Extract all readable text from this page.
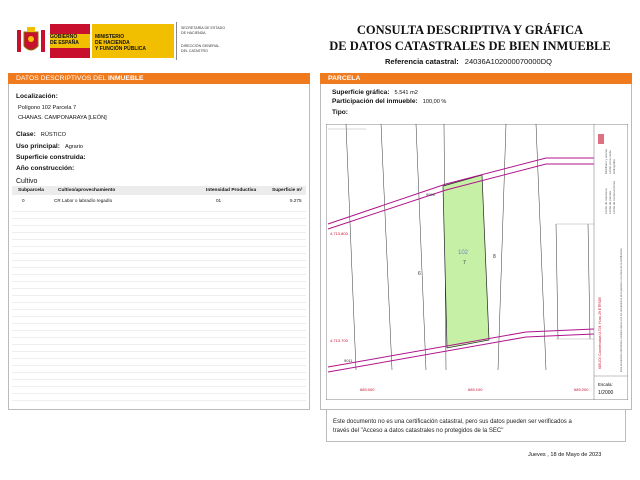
GOBIERNO
DE ESPAÑA
MINISTERIO
DE HACIENDA
Y FUNCIÓN PÚBLICA
SECRETARÍA DE ESTADO
DE HACIENDA
DIRECCIÓN GENERAL
DEL CATASTRO
CONSULTA DESCRIPTIVA Y GRÁFICA
DE DATOS CATASTRALES DE BIEN INMUEBLE
Referencia catastral: 24036A102000070000DQ
DATOS DESCRIPTIVOS DEL INMUEBLE
Localización:
Polígono 102 Parcela 7
CHANAS. CAMPONARAYA [LEÓN]
Clase: RÚSTICO
Uso principal: Agrario
Superficie construida:
Año construcción:
Cultivo
Subparcela	Cultivo/aprovechamiento	Intensidad Productiva	Superficie m²
0	CR Labor o labradío regadío	01	5.275
PARCELA
Superficie gráfica: 5.541 m2
Participación del inmueble: 100,00 %
Tipo:
102
7
6
8
4.713.800
4.713.700
689.000	689.100	689.200
9999
9011
Escala:
1/2000
689,200 Coordenadas U.T.M. Huso 29 ETRS89
Límite de manzana Límite de parcela Límite de construcciones
Mobiliario y aceras Límite zona verde Hidrografía
Este documento electrónico contiene anexo con los documentos de la parcela o los datos de la certificación.
Este documento no es una certificación catastral, pero sus datos pueden ser verificados a
través del "Acceso a datos catastrales no protegidos de la SEC"
Jueves , 18 de Mayo de 2023
